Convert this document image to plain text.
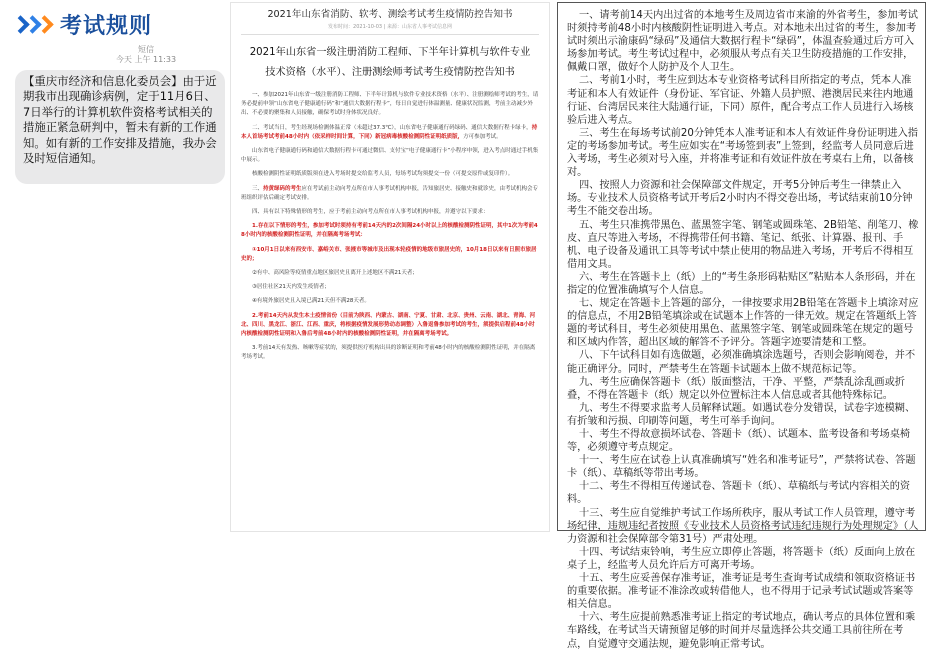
考试规则
短信
今天 上午 11:33
【重庆市经济和信息化委员会】由于近期我市出现确诊病例，定于11月6日、7日举行的计算机软件资格考试相关的措施正紧急研判中，暂未有新的工作通知。如有新的工作安排及措施，我办会及时短信通知。
2021年山东省消防、软考、测绘考试考生疫情防控告知书
发布时间：2021-10-03 | 来源：山东省人事考试信息网
2021年山东省一级注册消防工程师、下半年计算机与软件专业技术资格（水平）、注册测绘师考试考生疫情防控告知书
一、参加2021年山东省一级注册消防工程师、下半年计算机与软件专业技术资格（水平）、注册测绘师考试的考生，请务必提前申领“山东省电子健康通行码”和“通信大数据行程卡”，每日自觉进行体温测量、健康状况监测，考前主动减少外出、不必要的聚集和人员接触，确保考试时身体状况良好。
二、考试当日，考生经现场检测体温正常（未超过37.3℃），山东省电子健康通行码绿码、通信大数据行程卡绿卡，持本人首场考试考前48小时内（依采样时间计算，下同）新冠病毒核酸检测阴性证明纸质版，方可参加考试。
山东省电子健康通行码和通信大数据行程卡可通过微信、支付宝“电子健康通行卡”小程序申领，进入考点时通过手机集中展示。
核酸检测阴性证明纸质版须在进入考场时提交给监考人员，每场考试均须提交一份（可提交原件或复印件）。
三、持黄绿码的考生应在考试前主动向考点所在市人事考试机构申报，告知旅居史、接触史和就诊史，由考试机构会专班组织评估后确定考试安排。
四、具有以下特殊情形的考生，应于考前主动向考点所在市人事考试机构申报，并遵守以下要求：
1.存在以下情形的考生，参加考试时须持有考前14天内的2次间隔24小时以上的核酸检测阴性证明，其中1次为考前48小时内的核酸检测阴性证明，并在隔离考场考试：
①10月1日以来有西安市、嘉峪关市、张掖市等城市及出现本轮疫情的地级市旅居史的，10月18日以来有日照市旅居史的；
②有中、高风险等疫情重点地区旅居史且离开上述地区不满21天者；
③居住社区21天内发生疫情者；
④有境外旅居史且入境已满21天但不满28天者。
2.考前14天内从发生本土疫情省份（目前为陕西、内蒙古、湖南、宁夏、甘肃、北京、贵州、云南、湖北、青海、河北、四川、黑龙江、浙江、江西、重庆，将根据疫情发展形势动态调整）入鲁返鲁参加考试的考生，须提供启程前48小时内核酸检测阴性证明和入鲁后考前48小时内的核酸检测阴性证明，并在隔离考场考试。
3.考前14天有发热、咳嗽等症状的，须提供医疗机构出具的诊断证明和考前48小时内的核酸检测阴性证明，并在隔离考场考试。
一、请考前14天内出过省的本地考生及周边省市来渝的外省考生，参加考试时须持考前48小时内核酸阴性证明进入考点。对本地未出过省的考生，参加考试时须出示渝康码“绿码”及通信大数据行程卡“绿码”，体温查验通过后方可入场参加考试。考生考试过程中，必须服从考点有关卫生防疫措施的工作安排，佩戴口罩，做好个人防护及个人卫生。
二、考前1小时，考生应到达本专业资格考试科目所指定的考点，凭本人准考证和本人有效证件（身份证、军官证、外籍人员护照、港澳居民来往内地通行证、台湾居民来往大陆通行证，下同）原件，配合考点工作人员进行入场核验后进入考点。
三、考生在每场考试前20分钟凭本人准考证和本人有效证件身份证明进入指定的考场参加考试。考生应如实在“考场签到表”上签到，经监考人员同意后进入考场，考生必须对号入座，并将准考证和有效证件放在考桌右上角，以备核对。
四、按照人力资源和社会保障部文件规定，开考5分钟后考生一律禁止入场。专业技术人员资格考试开考后2小时内不得交卷出场，考试结束前10分钟考生不能交卷出场。
五、考生只准携带黑色、蓝黑签字笔、钢笔或圆珠笔、2B铅笔、削笔刀、橡皮、直尺等进入考场，不得携带任何书籍、笔记、纸张、计算器、报刊、手机、电子设备及通讯工具等考试中禁止使用的物品进入考场，开考后不得相互借用文具。
六、考生在答题卡上（纸）上的“考生条形码粘贴区”粘贴本人条形码，并在指定的位置准确填写个人信息。
七、规定在答题卡上答题的部分，一律按要求用2B铅笔在答题卡上填涂对应的信息点，不用2B铅笔填涂或在试题本上作答的一律无效。规定在答题纸上答题的考试科目，考生必须使用黑色、蓝黑签字笔、钢笔或圆珠笔在规定的题号和区域内作答，超出区域的解答不予评分。答题字迹要清楚和工整。
八、下午试科目如有选做题，必须准确填涂选题号，否则会影响阅卷，并不能正确评分。同时，严禁考生在答题卡试题本上做不规范标记等。
九、考生应确保答题卡（纸）版面整洁，干净、平整，严禁乱涂乱画或折叠，不得在答题卡（纸）规定以外位置标注本人信息或者其他特殊标记。
九、考生不得要求监考人员解释试题。如遇试卷分发错误，试卷字迹模糊、有折皱和污损、印刷等问题，考生可举手询问。
十、考生不得故意损坏试卷、答题卡（纸）、试题本、监考设备和考场桌椅等，必须遵守考点规定。
十一、考生应在试卷上认真准确填写“姓名和准考证号”，严禁将试卷、答题卡（纸）、草稿纸等带出考场。
十二、考生不得相互传递试卷、答题卡（纸）、草稿纸与考试内容相关的资料。
十三、考生应自觉维护考试工作场所秩序，服从考试工作人员管理，遵守考场纪律，违规违纪者按照《专业技术人员资格考试违纪违规行为处理规定》（人力资源和社会保障部令第31号）严肃处理。
十四、考试结束铃响，考生应立即停止答题，将答题卡（纸）反面向上放在桌子上，经监考人员允许后方可离开考场。
十五、考生应妥善保存准考证，准考证是考生查询考试成绩和领取资格证书的重要依据。准考证不准涂改或转借他人，也不得用于记录考试试题或答案等相关信息。
十六、考生应提前熟悉准考证上指定的考试地点，确认考点的具体位置和乘车路线，在考试当天请预留足够的时间并尽量选择公共交通工具前往所在考点，自觉遵守交通法规，避免影响正常考试。
